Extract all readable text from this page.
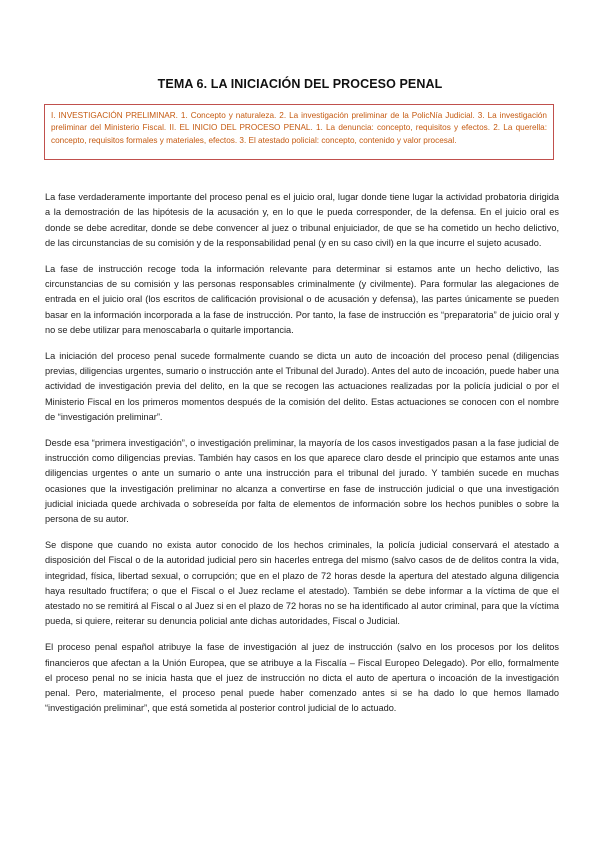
TEMA 6. LA INICIACIÓN DEL PROCESO PENAL
I. INVESTIGACIÓN PRELIMINAR. 1. Concepto y naturaleza. 2. La investigación preliminar de la PolicNía Judicial. 3. La investigación preliminar del Ministerio Fiscal. II. EL INICIO DEL PROCESO PENAL. 1. La denuncia: concepto, requisitos y efectos. 2. La querella: concepto, requisitos formales y materiales, efectos. 3. El atestado policial: concepto, contenido y valor procesal.

La fase verdaderamente importante del proceso penal es el juicio oral, lugar donde tiene lugar la actividad probatoria dirigida a la demostración de las hipótesis de la acusación y, en lo que le pueda corresponder, de la defensa. En el juicio oral es donde se debe acreditar, donde se debe convencer al juez o tribunal enjuiciador, de que se ha cometido un hecho delictivo, de las circunstancias de su comisión y de la responsabilidad penal (y en su caso civil) en la que incurre el sujeto acusado.

La fase de instrucción recoge toda la información relevante para determinar si estamos ante un hecho delictivo, las circunstancias de su comisión y las personas responsables criminalmente (y civilmente). Para formular las alegaciones de entrada en el juicio oral (los escritos de calificación provisional o de acusación y defensa), las partes únicamente se pueden basar en la información incorporada a la fase de instrucción. Por tanto, la fase de instrucción es “preparatoria” de juicio oral y no se debe utilizar para menoscabarla o quitarle importancia.

La iniciación del proceso penal sucede formalmente cuando se dicta un auto de incoación del proceso penal (diligencias previas, diligencias urgentes, sumario o instrucción ante el Tribunal del Jurado). Antes del auto de incoación, puede haber una actividad de investigación previa del delito, en la que se recogen las actuaciones realizadas por la policía judicial o por el Ministerio Fiscal en los primeros momentos después de la comisión del delito. Estas actuaciones se conocen con el nombre de “investigación preliminar”.

Desde esa “primera investigación”, o investigación preliminar, la mayoría de los casos investigados pasan a la fase judicial de instrucción como diligencias previas. También hay casos en los que aparece claro desde el principio que estamos ante unas diligencias urgentes o ante un sumario o ante una instrucción para el tribunal del jurado. Y también sucede en muchas ocasiones que la investigación preliminar no alcanza a convertirse en fase de instrucción judicial o que una investigación judicial iniciada quede archivada o sobreseída por falta de elementos de información sobre los hechos punibles o sobre la persona de su autor.

Se dispone que cuando no exista autor conocido de los hechos criminales, la policía judicial conservará el atestado a disposición del Fiscal o de la autoridad judicial pero sin hacerles entrega del mismo (salvo casos de de delitos contra la vida, integridad, física, libertad sexual, o corrupción; que en el plazo de 72 horas desde la apertura del atestado alguna diligencia haya resultado fructífera; o que el Fiscal o el Juez reclame el atestado). También se debe informar a la víctima de que el atestado no se remitirá al Fiscal o al Juez si en el plazo de 72 horas no se ha identificado al autor criminal, para que la víctima pueda, si quiere, reiterar su denuncia policial ante dichas autoridades, Fiscal o Judicial.

El proceso penal español atribuye la fase de investigación al juez de instrucción (salvo en los procesos por los delitos financieros que afectan a la Unión Europea, que se atribuye a la Fiscalía – Fiscal Europeo Delegado). Por ello, formalmente el proceso penal no se inicia hasta que el juez de instrucción no dicta el auto de apertura o incoación de la investigación penal. Pero, materialmente, el proceso penal puede haber comenzado antes si se ha dado lo que hemos llamado “investigación preliminar”, que está sometida al posterior control judicial de lo actuado.
